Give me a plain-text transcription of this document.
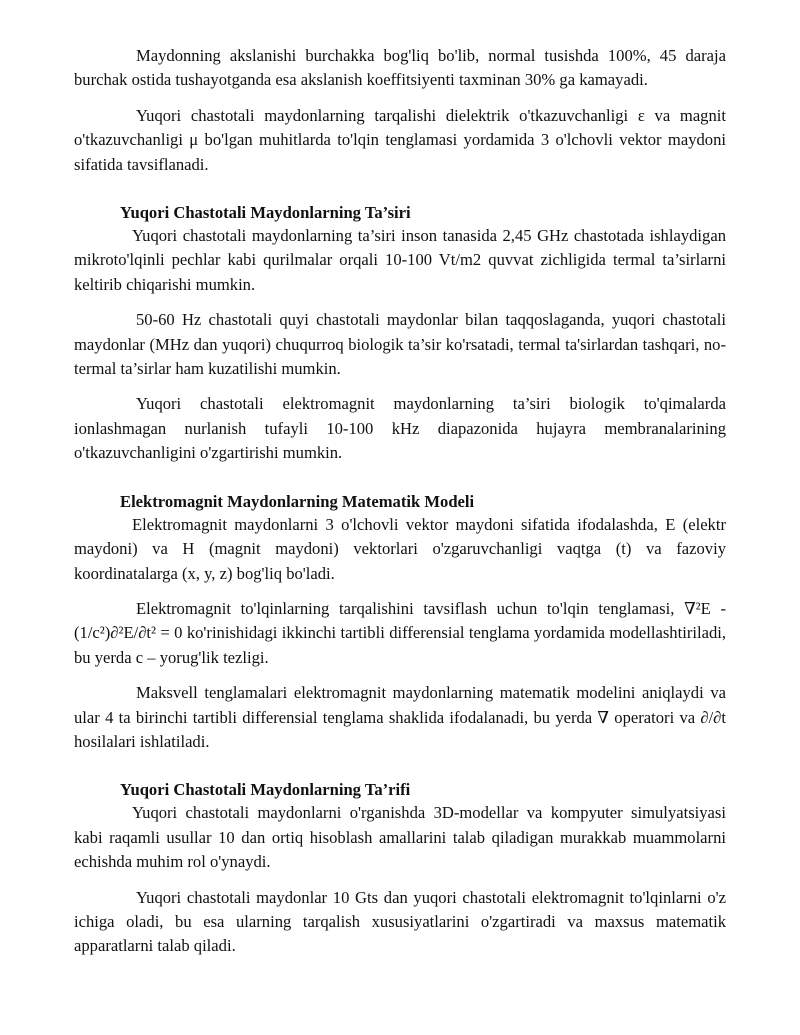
Maydonning akslanishi burchakka bog'liq bo'lib, normal tusishda 100%, 45 daraja burchak ostida tushayotganda esa akslanish koeffitsiyenti taxminan 30% ga kamayadi.

Yuqori chastotali maydonlarning tarqalishi dielektrik o'tkazuvchanligi ε va magnit o'tkazuvchanligi μ bo'lgan muhitlarda to'lqin tenglamasi yordamida 3 o'lchovli vektor maydoni sifatida tavsiflanadi.

Yuqori Chastotali Maydonlarning Ta’siri

Yuqori chastotali maydonlarning ta’siri inson tanasida 2,45 GHz chastotada ishlaydigan mikroto'lqinli pechlar kabi qurilmalar orqali 10-100 Vt/m2 quvvat zichligida termal ta’sirlarni keltirib chiqarishi mumkin.

50-60 Hz chastotali quyi chastotali maydonlar bilan taqqoslaganda, yuqori chastotali maydonlar (MHz dan yuqori) chuqurroq biologik ta’sir ko'rsatadi, termal ta'sirlardan tashqari, no-termal ta’sirlar ham kuzatilishi mumkin.

Yuqori chastotali elektromagnit maydonlarning ta’siri biologik to'qimalarda ionlashmagan nurlanish tufayli 10-100 kHz diapazonida hujayra membranalarining o'tkazuvchanligini o'zgartirishi mumkin.

Elektromagnit Maydonlarning Matematik Modeli

Elektromagnit maydonlarni 3 o'lchovli vektor maydoni sifatida ifodalashda, E (elektr maydoni) va H (magnit maydoni) vektorlari o'zgaruvchanligi vaqtga (t) va fazoviy koordinatalarga (x, y, z) bog'liq bo'ladi.

Elektromagnit to'lqinlarning tarqalishini tavsiflash uchun to'lqin tenglamasi, ∇²E - (1/c²)∂²E/∂t² = 0 ko'rinishidagi ikkinchi tartibli differensial tenglama yordamida modellashtiriladi, bu yerda c – yorug'lik tezligi.

Maksvell tenglamalari elektromagnit maydonlarning matematik modelini aniqlaydi va ular 4 ta birinchi tartibli differensial tenglama shaklida ifodalanadi, bu yerda ∇ operatori va ∂/∂t hosilalari ishlatiladi.

Yuqori Chastotali Maydonlarning Ta’rifi

Yuqori chastotali maydonlarni o'rganishda 3D-modellar va kompyuter simulyatsiyasi kabi raqamli usullar 10 dan ortiq hisoblash amallarini talab qiladigan murakkab muammolarni echishda muhim rol o'ynaydi.

Yuqori chastotali maydonlar 10 Gts dan yuqori chastotali elektromagnit to'lqinlarni o'z ichiga oladi, bu esa ularning tarqalish xususiyatlarini o'zgartiradi va maxsus matematik apparatlarni talab qiladi.
